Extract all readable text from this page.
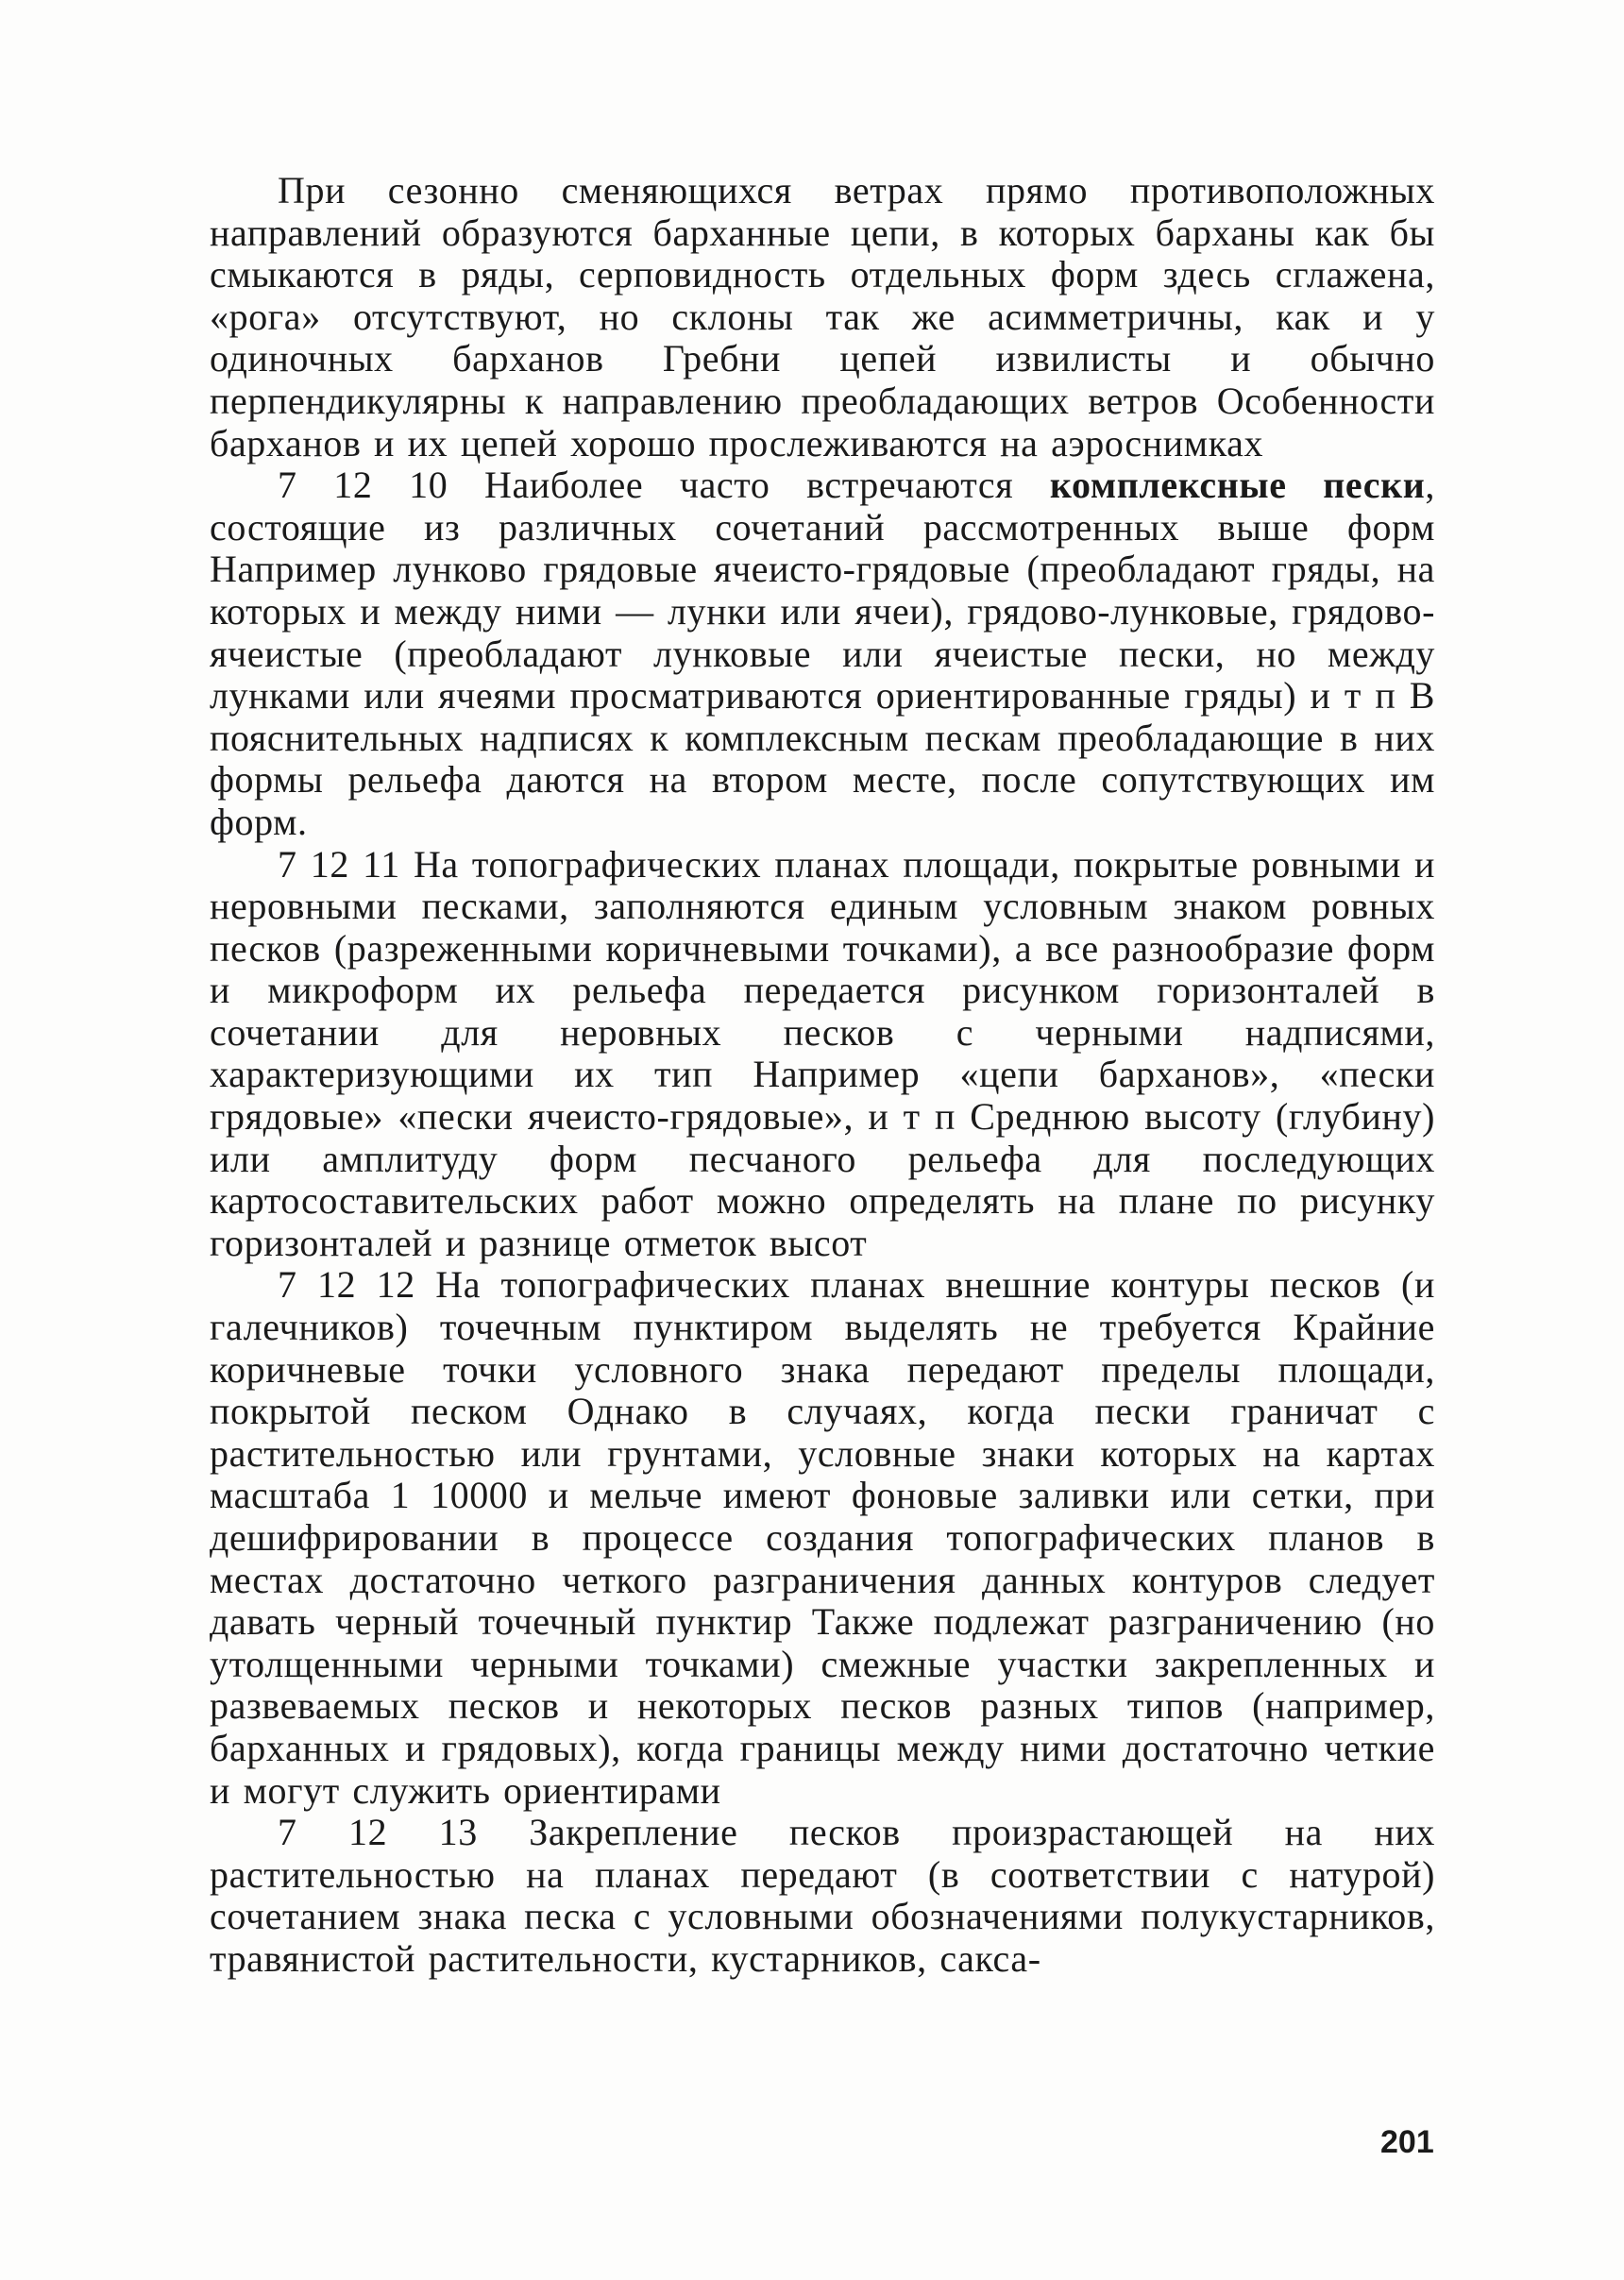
При сезонно сменяющихся ветрах прямо противоположных направлений образуются барханные цепи, в которых барханы как бы смыкаются в ряды, серповидность отдельных форм здесь сглажена, «рога» отсутствуют, но склоны так же асимметричны, как и у одиночных барханов Гребни цепей извилисты и обычно перпендикулярны к направлению преобладающих ветров Особенности барханов и их цепей хорошо прослеживаются на аэроснимках

7 12 10 Наиболее часто встречаются комплексные пески, состоящие из различных сочетаний рассмотренных выше форм Например лунково грядовые ячеисто-грядовые (преобладают гряды, на которых и между ними — лунки или ячеи), грядово-лунковые, грядово-ячеистые (преобладают лунковые или ячеистые пески, но между лунками или ячеями просматриваются ориентированные гряды) и т п В пояснительных надписях к комплексным пескам преобладающие в них формы рельефа даются на втором месте, после сопутствующих им форм.

7 12 11 На топографических планах площади, покрытые ровными и неровными песками, заполняются единым условным знаком ровных песков (разреженными коричневыми точками), а все разнообразие форм и микроформ их рельефа передается рисунком горизонталей в сочетании для неровных песков с черными надписями, характеризующими их тип Например «цепи барханов», «пески грядовые» «пески ячеисто-грядовые», и т п Среднюю высоту (глубину) или амплитуду форм песчаного рельефа для последующих картосоставительских работ можно определять на плане по рисунку горизонталей и разнице отметок высот

7 12 12 На топографических планах внешние контуры песков (и галечников) точечным пунктиром выделять не требуется Крайние коричневые точки условного знака передают пределы площади, покрытой песком Однако в случаях, когда пески граничат с растительностью или грунтами, условные знаки которых на картах масштаба 1 10000 и мельче имеют фоновые заливки или сетки, при дешифрировании в процессе создания топографических планов в местах достаточно четкого разграничения данных контуров следует давать черный точечный пунктир Также подлежат разграничению (но утолщенными черными точками) смежные участки закрепленных и развеваемых песков и некоторых песков разных типов (например, барханных и грядовых), когда границы между ними достаточно четкие и могут служить ориентирами

7 12 13 Закрепление песков произрастающей на них растительностью на планах передают (в соответствии с натурой) сочетанием знака песка с условными обозначениями полукустарников, травянистой растительности, кустарников, сакса-

201
